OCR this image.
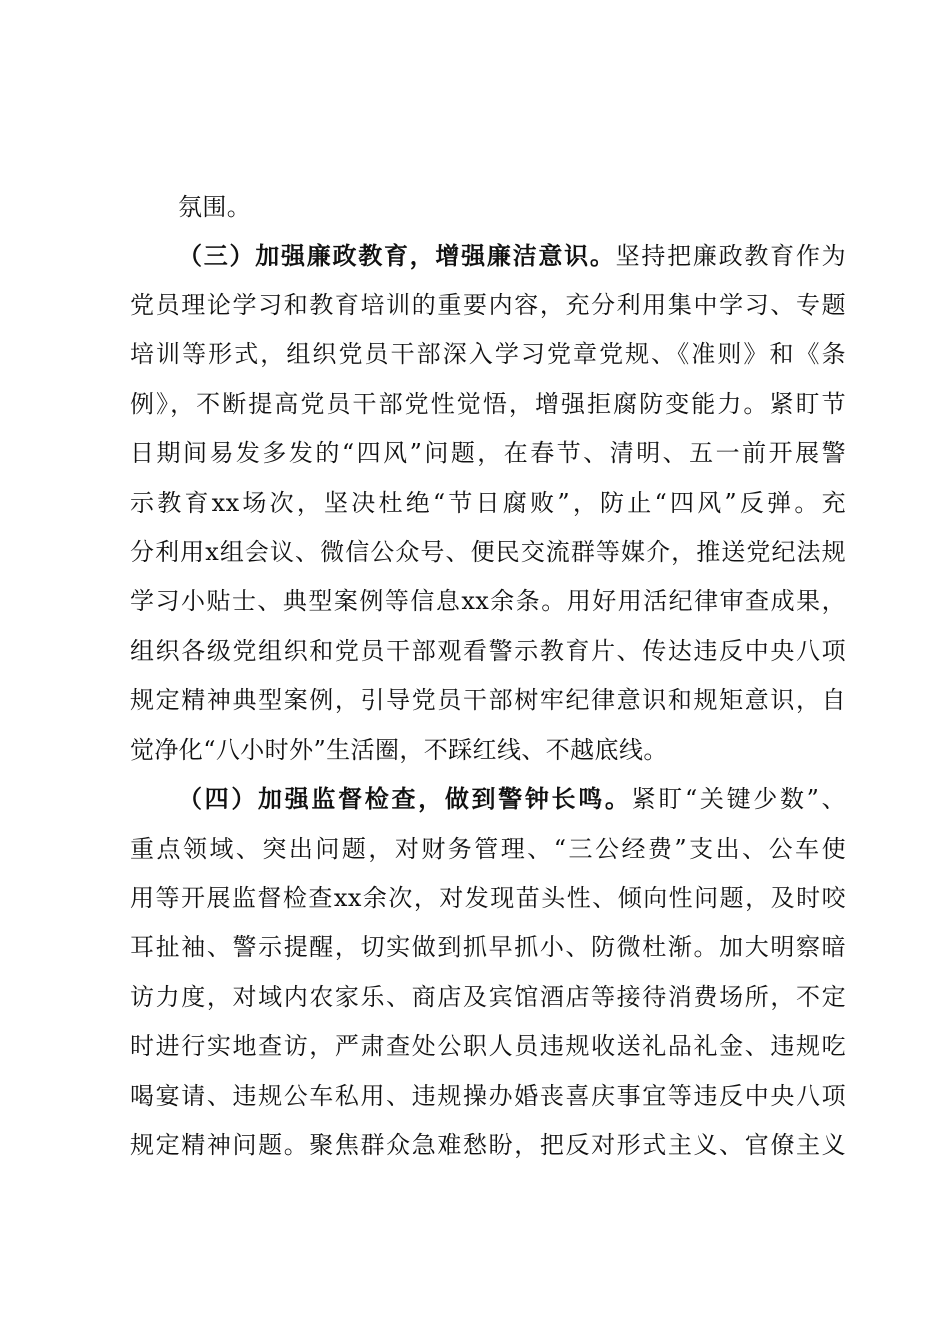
氛围。

（三）加强廉政教育，增强廉洁意识。坚持把廉政教育作为

党员理论学习和教育培训的重要内容，充分利用集中学习、专题

培训等形式，组织党员干部深入学习党章党规、《准则》和《条

例》，不断提高党员干部党性觉悟，增强拒腐防变能力。紧盯节

日期间易发多发的“四风”问题，在春节、清明、五一前开展警

示教育xx场次，坚决杜绝“节日腐败”，防止“四风”反弹。充

分利用x组会议、微信公众号、便民交流群等媒介，推送党纪法规

学习小贴士、典型案例等信息xx余条。用好用活纪律审查成果，

组织各级党组织和党员干部观看警示教育片、传达违反中央八项

规定精神典型案例，引导党员干部树牢纪律意识和规矩意识，自

觉净化“八小时外”生活圈，不踩红线、不越底线。

（四）加强监督检查，做到警钟长鸣。紧盯“关键少数”、

重点领域、突出问题，对财务管理、“三公经费”支出、公车使

用等开展监督检查xx余次，对发现苗头性、倾向性问题，及时咬

耳扯袖、警示提醒，切实做到抓早抓小、防微杜渐。加大明察暗

访力度，对域内农家乐、商店及宾馆酒店等接待消费场所，不定

时进行实地查访，严肃查处公职人员违规收送礼品礼金、违规吃

喝宴请、违规公车私用、违规操办婚丧喜庆事宜等违反中央八项

规定精神问题。聚焦群众急难愁盼，把反对形式主义、官僚主义
